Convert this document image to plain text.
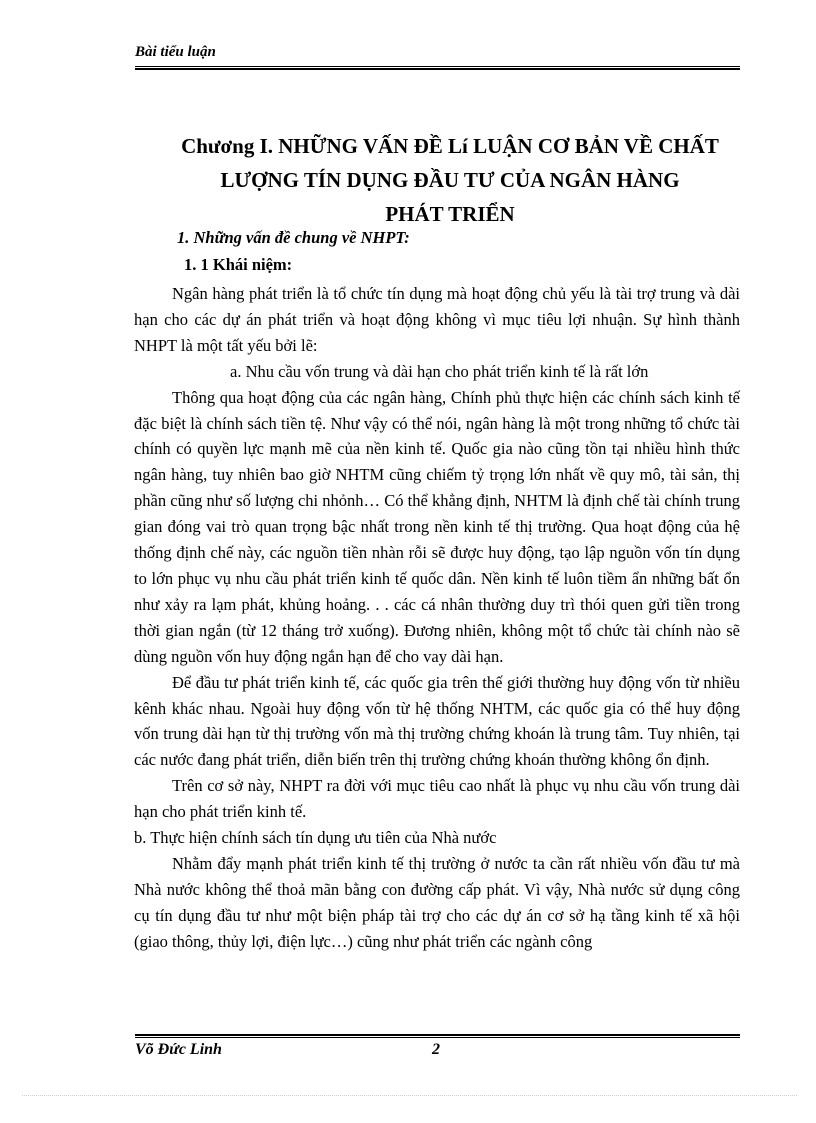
Bài tiểu luận
Chương I. NHỮNG VẤN ĐỀ Lí LUẬN CƠ BẢN VỀ CHẤT
LƯỢNG TÍN DỤNG ĐẦU TƯ CỦA NGÂN HÀNG
PHÁT TRIỂN
1. Những vấn đề chung về NHPT:
1. 1 Khái niệm:

Ngân hàng phát triển là tổ chức tín dụng mà hoạt động chủ yếu là tài trợ trung và dài hạn cho các dự án phát triển và hoạt động không vì mục tiêu lợi nhuận. Sự hình thành NHPT là một tất yếu bởi lẽ:

a. Nhu cầu vốn trung và dài hạn cho phát triển kinh tế là rất lớn

Thông qua hoạt động của các ngân hàng, Chính phủ thực hiện các chính sách kinh tế đặc biệt là chính sách tiền tệ. Như vậy có thể nói, ngân hàng là một trong những tổ chức tài chính có quyền lực mạnh mẽ của nền kinh tế. Quốc gia nào cũng tồn tại nhiều hình thức ngân hàng, tuy nhiên bao giờ NHTM cũng chiếm tỷ trọng lớn nhất về quy mô, tài sản, thị phần cũng như số lượng chi nhỏnh… Có thể khẳng định, NHTM là định chế tài chính trung gian đóng vai trò quan trọng bậc nhất trong nền kinh tế thị trường. Qua hoạt động của hệ thống định chế này, các nguồn tiền nhàn rỗi sẽ được huy động, tạo lập nguồn vốn tín dụng to lớn phục vụ nhu cầu phát triển kinh tế quốc dân. Nền kinh tế luôn tiềm ẩn những bất ổn như xảy ra lạm phát, khủng hoảng. . . các cá nhân thường duy trì thói quen gửi tiền trong thời gian ngắn (từ 12 tháng trở xuống). Đương nhiên, không một tổ chức tài chính nào sẽ dùng nguồn vốn huy động ngắn hạn để cho vay dài hạn.

Để đầu tư phát triển kinh tế, các quốc gia trên thế giới thường huy động vốn từ nhiều kênh khác nhau. Ngoài huy động vốn từ hệ thống NHTM, các quốc gia có thể huy động vốn trung dài hạn từ thị trường vốn mà thị trường chứng khoán là trung tâm. Tuy nhiên, tại các nước đang phát triển, diễn biến trên thị trường chứng khoán thường không ổn định.

Trên cơ sở này, NHPT ra đời với mục tiêu cao nhất là phục vụ nhu cầu vốn trung dài hạn cho phát triển kinh tế.

b. Thực hiện chính sách tín dụng ưu tiên của Nhà nước

Nhằm đẩy mạnh phát triển kinh tế thị trường ở nước ta cần rất nhiều vốn đầu tư mà Nhà nước không thể thoả mãn bằng con đường cấp phát. Vì vậy, Nhà nước sử dụng công cụ tín dụng đầu tư như một biện pháp tài trợ cho các dự án cơ sở hạ tầng kinh tế xã hội (giao thông, thủy lợi, điện lực…) cũng như phát triển các ngành công

Võ Đức Linh	2
